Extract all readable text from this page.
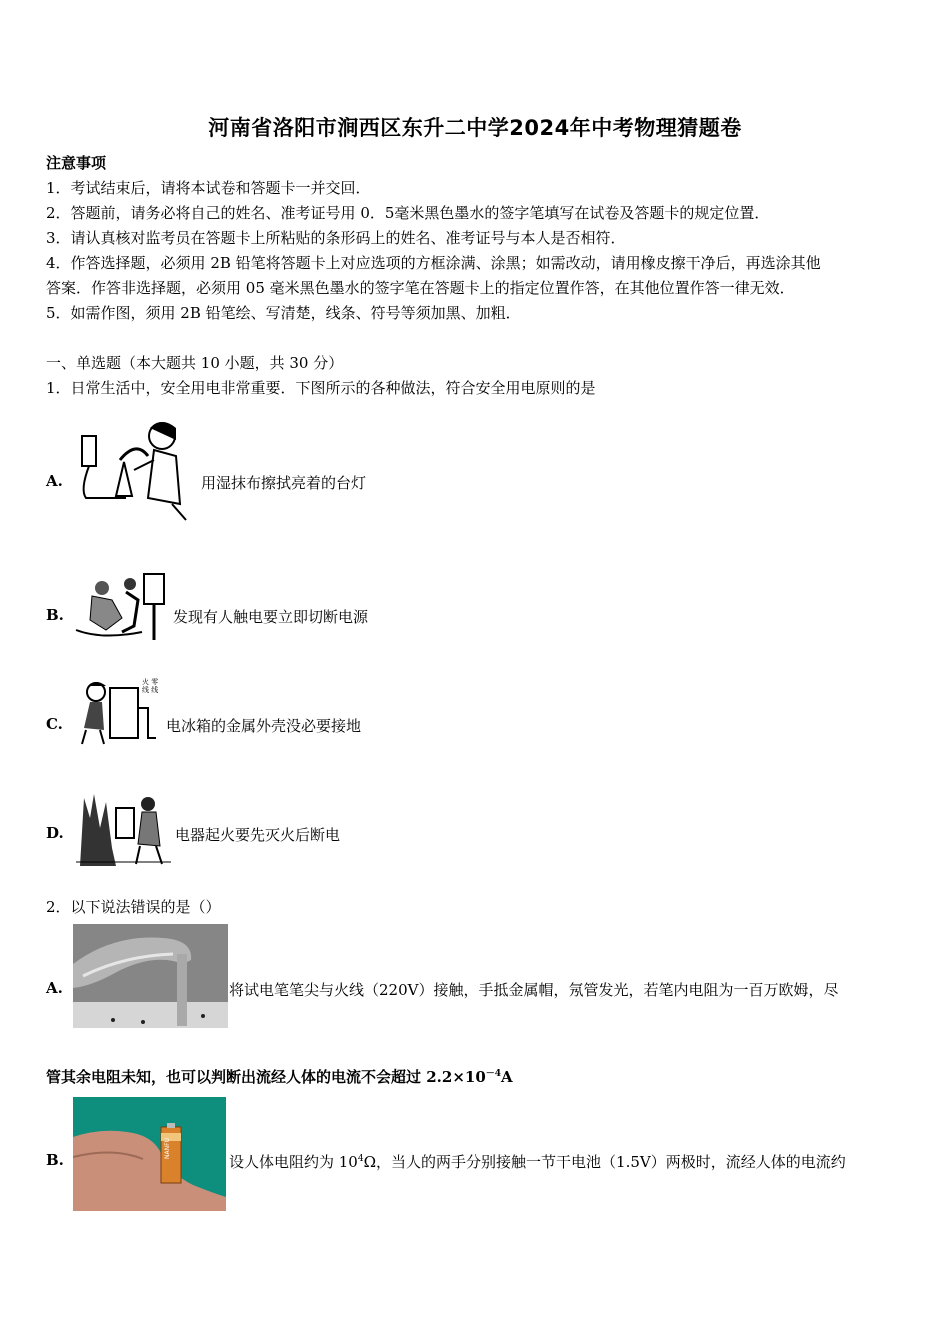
河南省洛阳市涧西区东升二中学2024年中考物理猜题卷
注意事项
1．考试结束后，请将本试卷和答题卡一并交回．
2．答题前，请务必将自己的姓名、准考证号用 0．5毫米黑色墨水的签字笔填写在试卷及答题卡的规定位置．
3．请认真核对监考员在答题卡上所粘贴的条形码上的姓名、准考证号与本人是否相符．
4．作答选择题，必须用 2B 铅笔将答题卡上对应选项的方框涂满、涂黑；如需改动，请用橡皮擦干净后，再选涂其他
答案．作答非选择题，必须用 05 毫米黑色墨水的签字笔在答题卡上的指定位置作答，在其他位置作答一律无效．
5．如需作图，须用 2B 铅笔绘、写清楚，线条、符号等须加黑、加粗．
一、单选题（本大题共 10 小题，共 30 分）
1．日常生活中，安全用电非常重要．下图所示的各种做法，符合安全用电原则的是
A.	用湿抹布擦拭亮着的台灯
B.	发现有人触电要立即切断电源
C.
火 零线 线
电冰箱的金属外壳没必要接地
D.	电器起火要先灭火后断电
2．以下说法错误的是（）
A.	将试电笔笔尖与火线（220V）接触，手抵金属帽，氖管发光，若笔内电阻为一百万欧姆，尽
管其余电阻未知，也可以判断出流经人体的电流不会超过 $2.2\times 10^{-4}A$
B.
NANFU
设人体电阻约为 $10^4\Omega$，当人的两手分别接触一节干电池（1.5V）两极时，流经人体的电流约
